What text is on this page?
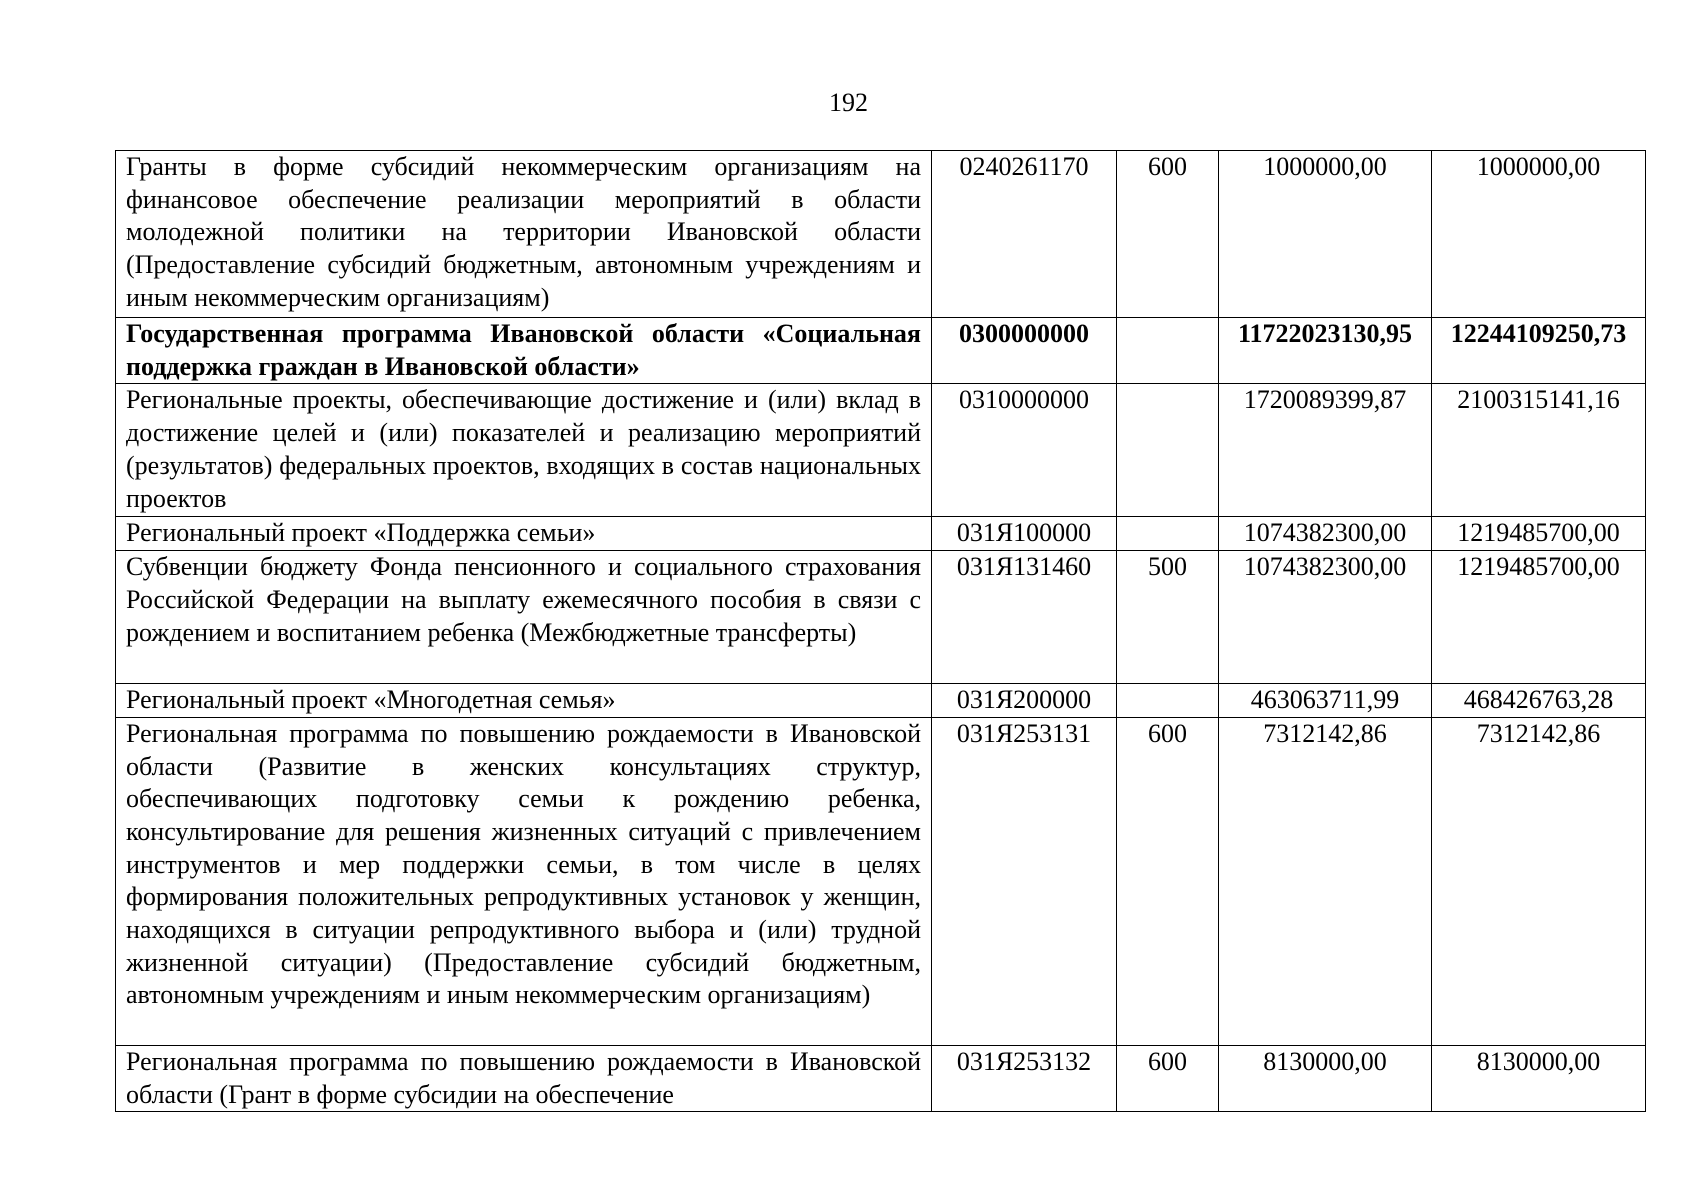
192
Гранты в форме субсидий некоммерческим организациям на финансовое обеспечение реализации мероприятий в области молодежной политики на территории Ивановской области (Предоставление субсидий бюджетным, автономным учреждениям и иным некоммерческим организациям)	0240261170	600	1000000,00	1000000,00
Государственная программа Ивановской области «Социальная поддержка граждан в Ивановской области»	0300000000		11722023130,95	12244109250,73
Региональные проекты, обеспечивающие достижение и (или) вклад в достижение целей и (или) показателей и реализацию мероприятий (результатов) федеральных проектов, входящих в состав национальных проектов	0310000000		1720089399,87	2100315141,16
Региональный проект «Поддержка семьи»	031Я100000		1074382300,00	1219485700,00
Субвенции бюджету Фонда пенсионного и социального страхования Российской Федерации на выплату ежемесячного пособия в связи с рождением и воспитанием ребенка (Межбюджетные трансферты)	031Я131460	500	1074382300,00	1219485700,00
Региональный проект «Многодетная семья»	031Я200000		463063711,99	468426763,28
Региональная программа по повышению рождаемости в Ивановской области (Развитие в женских консультациях структур, обеспечивающих подготовку семьи к рождению ребенка, консультирование для решения жизненных ситуаций с привлечением инструментов и мер поддержки семьи, в том числе в целях формирования положительных репродуктивных установок у женщин, находящихся в ситуации репродуктивного выбора и (или) трудной жизненной ситуации) (Предоставление субсидий бюджетным, автономным учреждениям и иным некоммерческим организациям)	031Я253131	600	7312142,86	7312142,86
Региональная программа по повышению рождаемости в Ивановской области (Грант в форме субсидии на обеспечение	031Я253132	600	8130000,00	8130000,00
